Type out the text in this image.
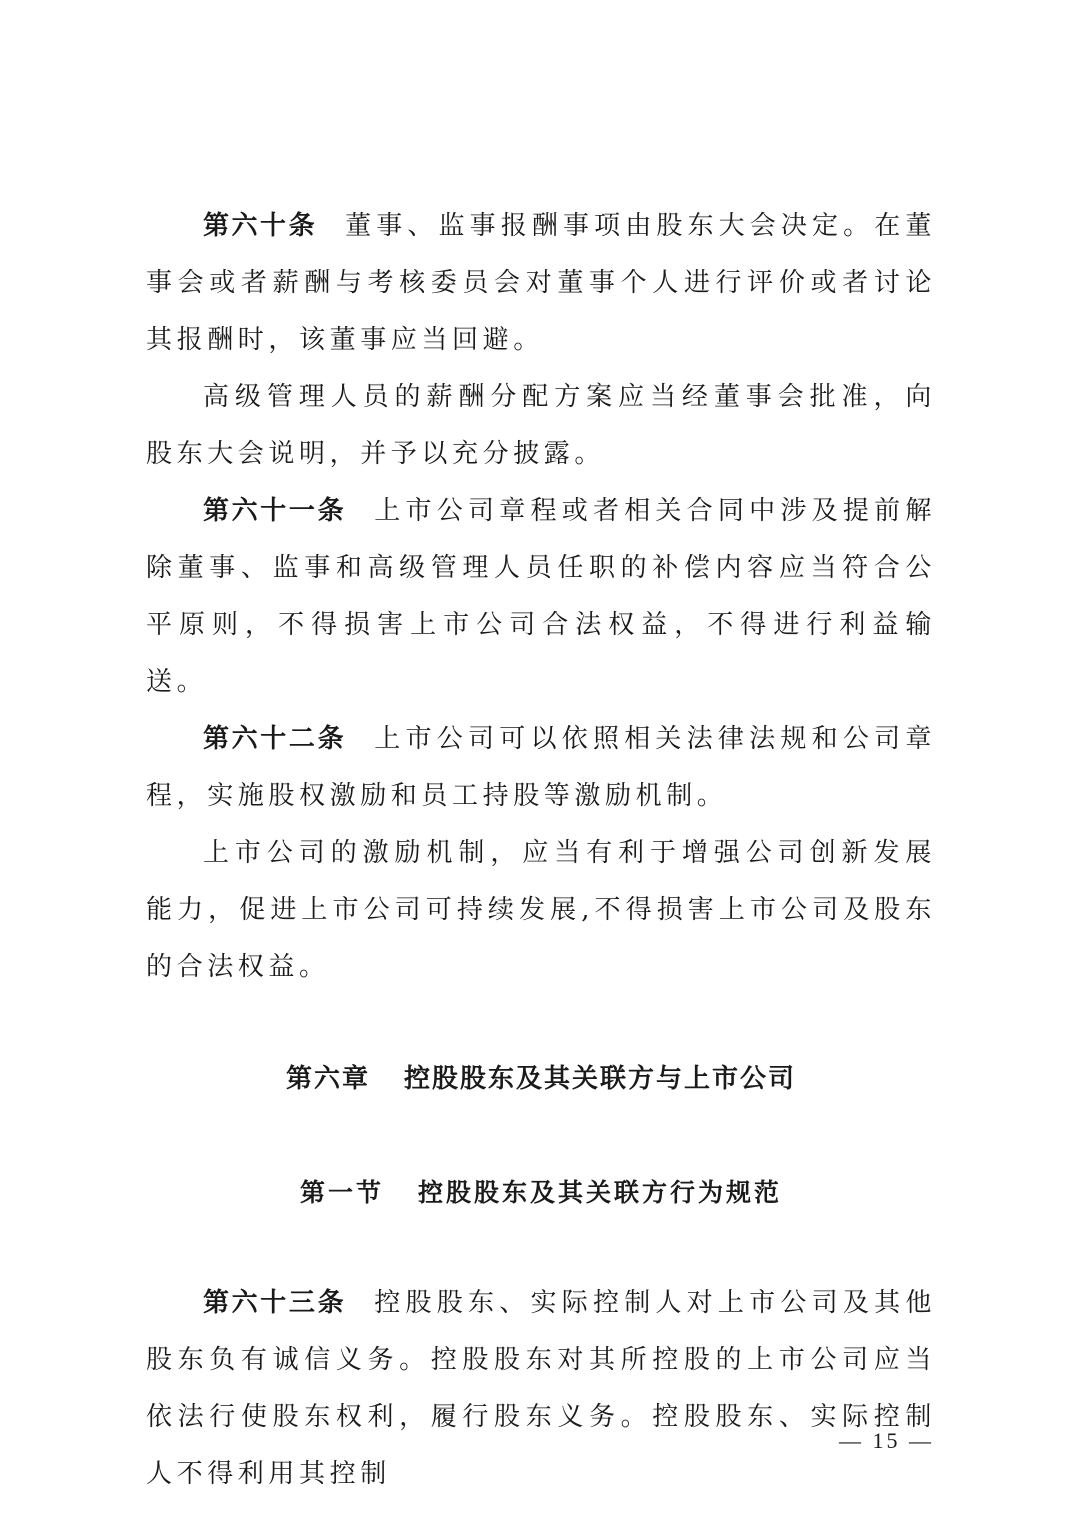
第六十条 董事、监事报酬事项由股东大会决定。在董事会或者薪酬与考核委员会对董事个人进行评价或者讨论其报酬时，该董事应当回避。

高级管理人员的薪酬分配方案应当经董事会批准，向股东大会说明，并予以充分披露。

第六十一条 上市公司章程或者相关合同中涉及提前解除董事、监事和高级管理人员任职的补偿内容应当符合公平原则，不得损害上市公司合法权益，不得进行利益输送。

第六十二条 上市公司可以依照相关法律法规和公司章程，实施股权激励和员工持股等激励机制。

上市公司的激励机制，应当有利于增强公司创新发展能力，促进上市公司可持续发展,不得损害上市公司及股东的合法权益。

第六章 控股股东及其关联方与上市公司
第一节 控股股东及其关联方行为规范

第六十三条 控股股东、实际控制人对上市公司及其他股东负有诚信义务。控股股东对其所控股的上市公司应当依法行使股东权利，履行股东义务。控股股东、实际控制人不得利用其控制

— 15 —
